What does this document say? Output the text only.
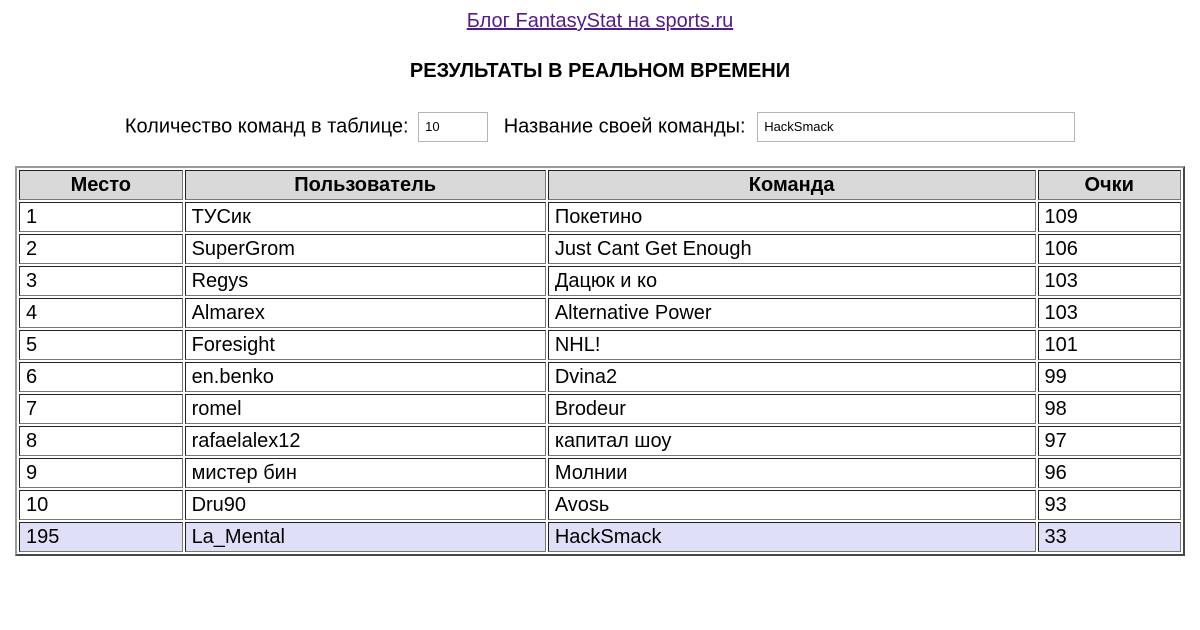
Блог FantasyStat на sports.ru
РЕЗУЛЬТАТЫ В РЕАЛЬНОМ ВРЕМЕНИ
Количество команд в таблице: 10	Название своей команды: HackSmack
Место	Пользователь	Команда	Очки
1	ТУСик	Покетино	109
2	SuperGrom	Just Cant Get Enough	106
3	Regys	Дацюк и ко	103
4	Almarex	Alternative Power	103
5	Foresight	NHL!	101
6	en.benko	Dvina2	99
7	romel	Brodeur	98
8	rafaelalex12	капитал шоу	97
9	мистер бин	Молнии	96
10	Dru90	Avosь	93
195	La_Mental	HackSmack	33
